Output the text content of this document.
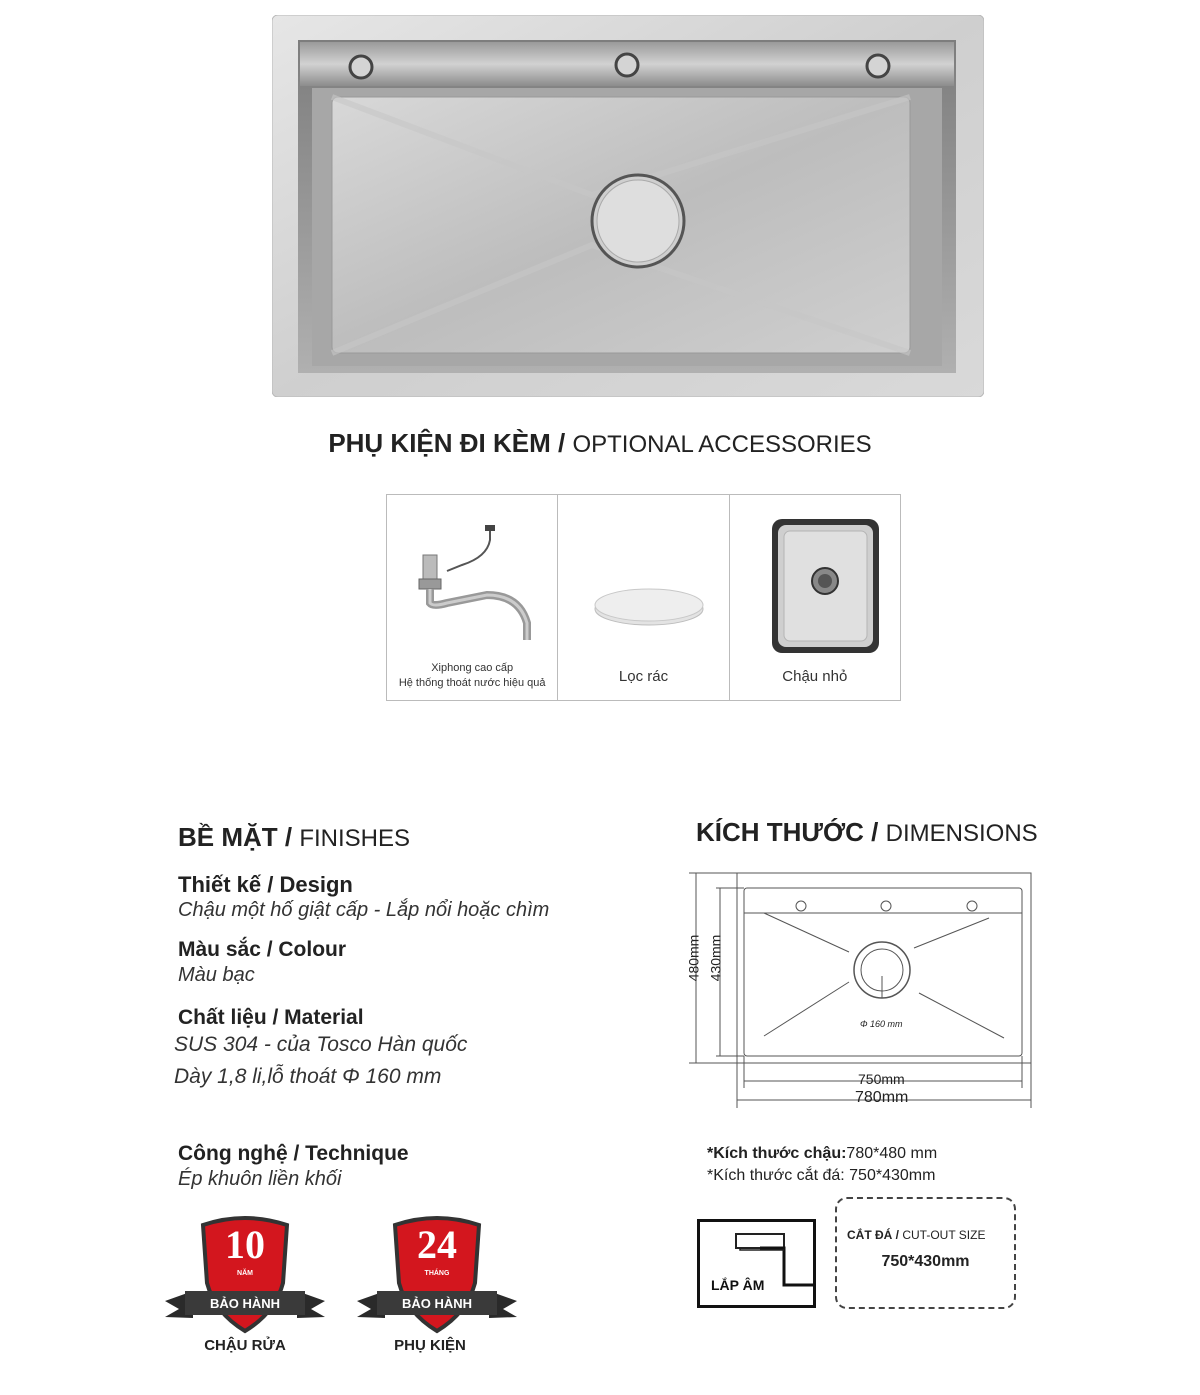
PHỤ KIỆN ĐI KÈM / OPTIONAL ACCESSORIES
Xiphong cao cấp
Hệ thống thoát nước hiệu quả	Lọc rác	Chậu nhỏ
BỀ MẶT / FINISHES
Thiết kế / Design
Chậu một hố giật cấp - Lắp nổi hoặc chìm
Màu sắc / Colour
Màu bạc
Chất liệu / Material
SUS 304 - của Tosco Hàn quốc
Dày 1,8 li,lỗ thoát Φ 160 mm
Công nghệ / Technique
Ép khuôn liền khối
10
NĂM
BẢO HÀNH
CHẬU RỬA
24
THÁNG
BẢO HÀNH
PHỤ KIỆN
KÍCH THƯỚC / DIMENSIONS
480mm 430mm
750mm
780mm
Φ 160 mm
*Kích thước chậu:780*480 mm
*Kích thước cắt đá: 750*430mm
LẮP ÂM
CẮT ĐÁ / CUT-OUT SIZE
750*430mm
